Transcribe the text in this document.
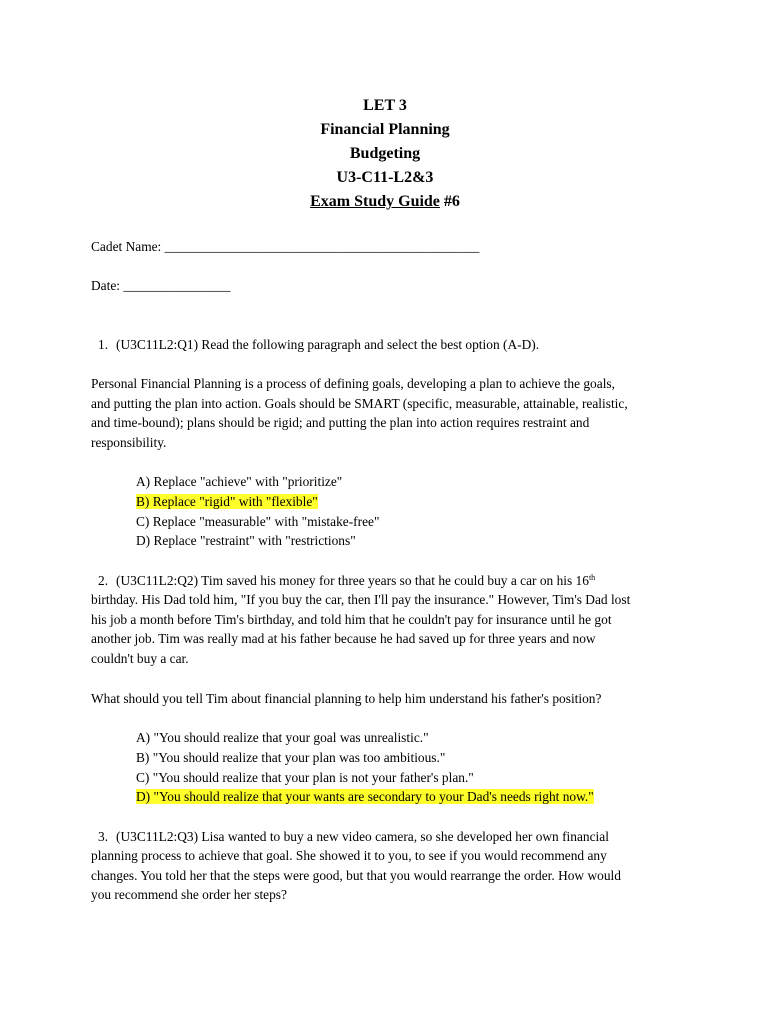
LET 3
Financial Planning
Budgeting
U3-C11-L2&3
Exam Study Guide #6
Cadet Name: _______________________________________________
Date: ________________
1. (U3C11L2:Q1) Read the following paragraph and select the best option (A-D).

Personal Financial Planning is a process of defining goals, developing a plan to achieve the goals,

and putting the plan into action. Goals should be SMART (specific, measurable, attainable, realistic,

and time-bound); plans should be rigid; and putting the plan into action requires restraint and

responsibility.

A) Replace "achieve" with "prioritize"
B) Replace "rigid" with "flexible"
C) Replace "measurable" with "mistake-free"
D) Replace "restraint" with "restrictions"
2. (U3C11L2:Q2) Tim saved his money for three years so that he could buy a car on his 16th

birthday. His Dad told him, "If you buy the car, then I'll pay the insurance." However, Tim's Dad lost

his job a month before Tim's birthday, and told him that he couldn't pay for insurance until he got

another job. Tim was really mad at his father because he had saved up for three years and now

couldn't buy a car.

What should you tell Tim about financial planning to help him understand his father's position?
A) "You should realize that your goal was unrealistic."
B) "You should realize that your plan was too ambitious."
C) "You should realize that your plan is not your father's plan."
D) "You should realize that your wants are secondary to your Dad's needs right now."
3. (U3C11L2:Q3) Lisa wanted to buy a new video camera, so she developed her own financial

planning process to achieve that goal. She showed it to you, to see if you would recommend any

changes. You told her that the steps were good, but that you would rearrange the order. How would

you recommend she order her steps?
